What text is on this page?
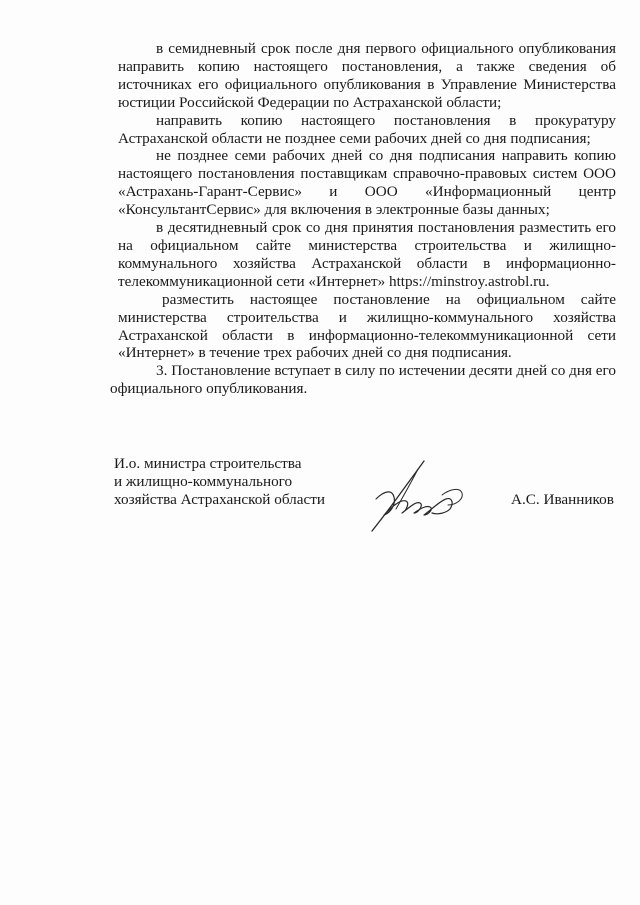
в семидневный срок после дня первого официального опубликования направить копию настоящего постановления, а также сведения об источниках его официального опубликования в Управление Министерства юстиции Российской Федерации по Астраханской области;

направить копию настоящего постановления в прокуратуру Астраханской области не позднее семи рабочих дней со дня подписания;

не позднее семи рабочих дней со дня подписания направить копию настоящего постановления поставщикам справочно-правовых систем ООО «Астрахань-Гарант-Сервис» и ООО «Информационный центр «КонсультантСервис» для включения в электронные базы данных;

в десятидневный срок со дня принятия постановления разместить его на официальном сайте министерства строительства и жилищно-коммунального хозяйства Астраханской области в информационно-телекоммуникационной сети «Интернет» https://minstroy.astrobl.ru.

разместить настоящее постановление на официальном сайте министерства строительства и жилищно-коммунального хозяйства Астраханской области в информационно-телекоммуникационной сети «Интернет» в течение трех рабочих дней со дня подписания.

3. Постановление вступает в силу по истечении десяти дней со дня его официального опубликования.

И.о. министра строительства
и жилищно-коммунального
хозяйства Астраханской области	А.С. Иванников
